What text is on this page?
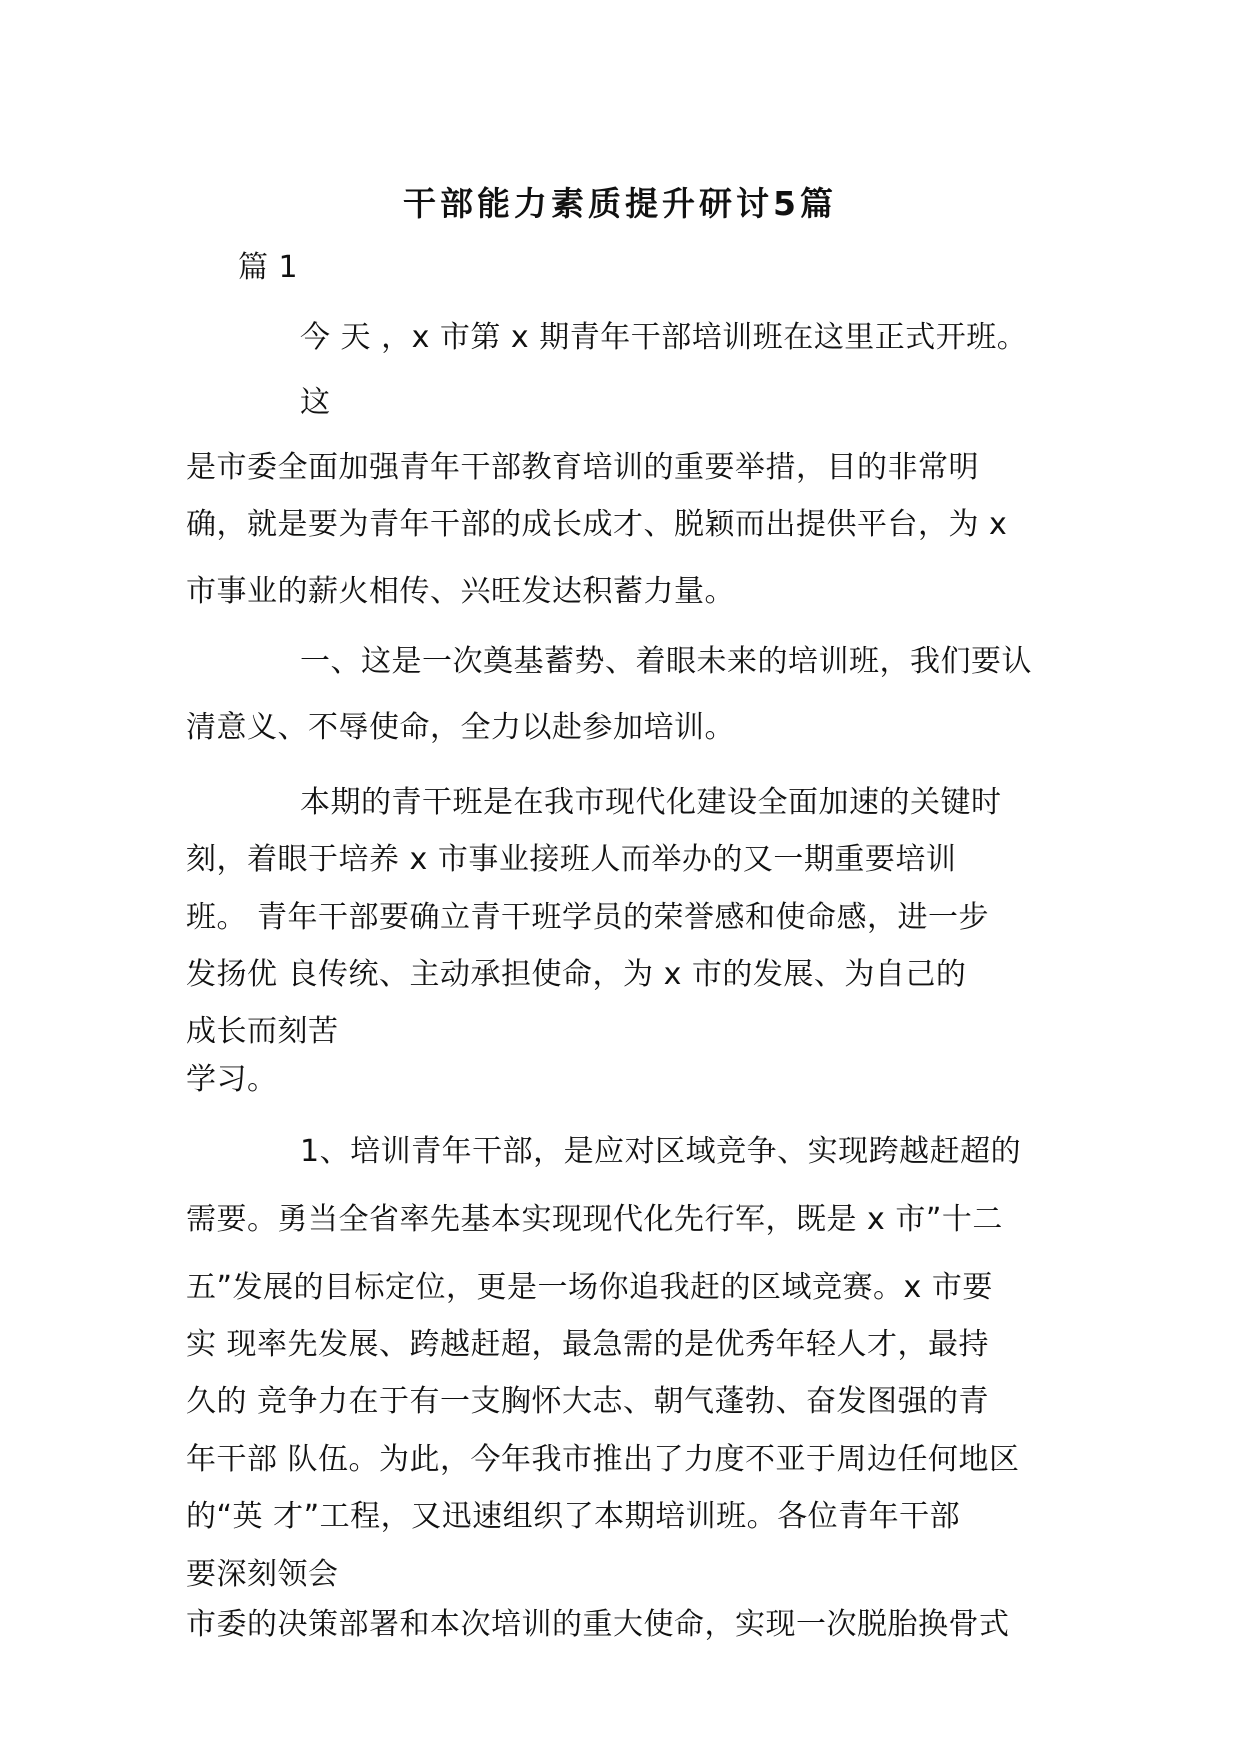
干部能力素质提升研讨5篇
篇 1
今 天 ，x 市第 x 期青年干部培训班在这里正式开班。
这
是市委全面加强青年干部教育培训的重要举措，目的非常明
确，就是要为青年干部的成长成才、脱颖而出提供平台，为 x
市事业的薪火相传、兴旺发达积蓄力量。
一、这是一次奠基蓄势、着眼未来的培训班，我们要认
清意义、不辱使命，全力以赴参加培训。
本期的青干班是在我市现代化建设全面加速的关键时
刻，着眼于培养 x 市事业接班人而举办的又一期重要培训
班。 青年干部要确立青干班学员的荣誉感和使命感，进一步
发扬优 良传统、主动承担使命，为 x 市的发展、为自己的
成长而刻苦
学习。
1、培训青年干部，是应对区域竞争、实现跨越赶超的
需要。勇当全省率先基本实现现代化先行军，既是 x 市”十二
五”发展的目标定位，更是一场你追我赶的区域竞赛。x 市要
实 现率先发展、跨越赶超，最急需的是优秀年轻人才，最持
久的 竞争力在于有一支胸怀大志、朝气蓬勃、奋发图强的青
年干部 队伍。为此，今年我市推出了力度不亚于周边任何地区
的“英 才”工程，又迅速组织了本期培训班。各位青年干部
要深刻领会
市委的决策部署和本次培训的重大使命，实现一次脱胎换骨式
